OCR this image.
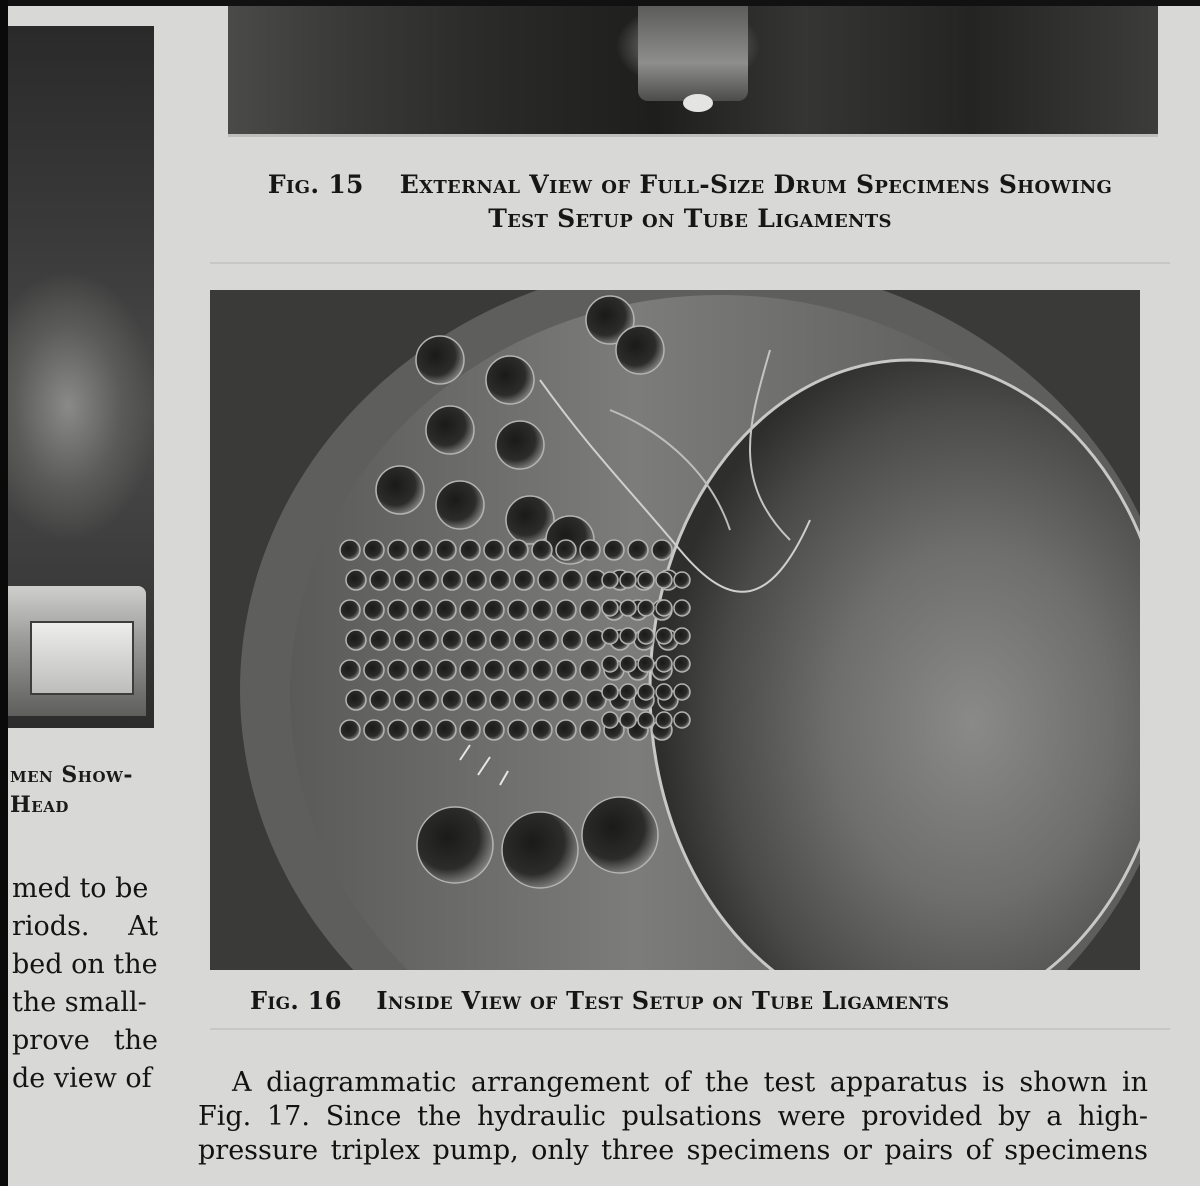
men Show-
Head
med to be
riods. At
bed on the
the small-
prove the
de view of
Fig. 15 External View of Full-Size Drum Specimens Showing
Test Setup on Tube Ligaments
Fig. 16 Inside View of Test Setup on Tube Ligaments
A diagrammatic arrangement of the test apparatus is shown in
Fig. 17. Since the hydraulic pulsations were provided by a high-
pressure triplex pump, only three specimens or pairs of specimens
